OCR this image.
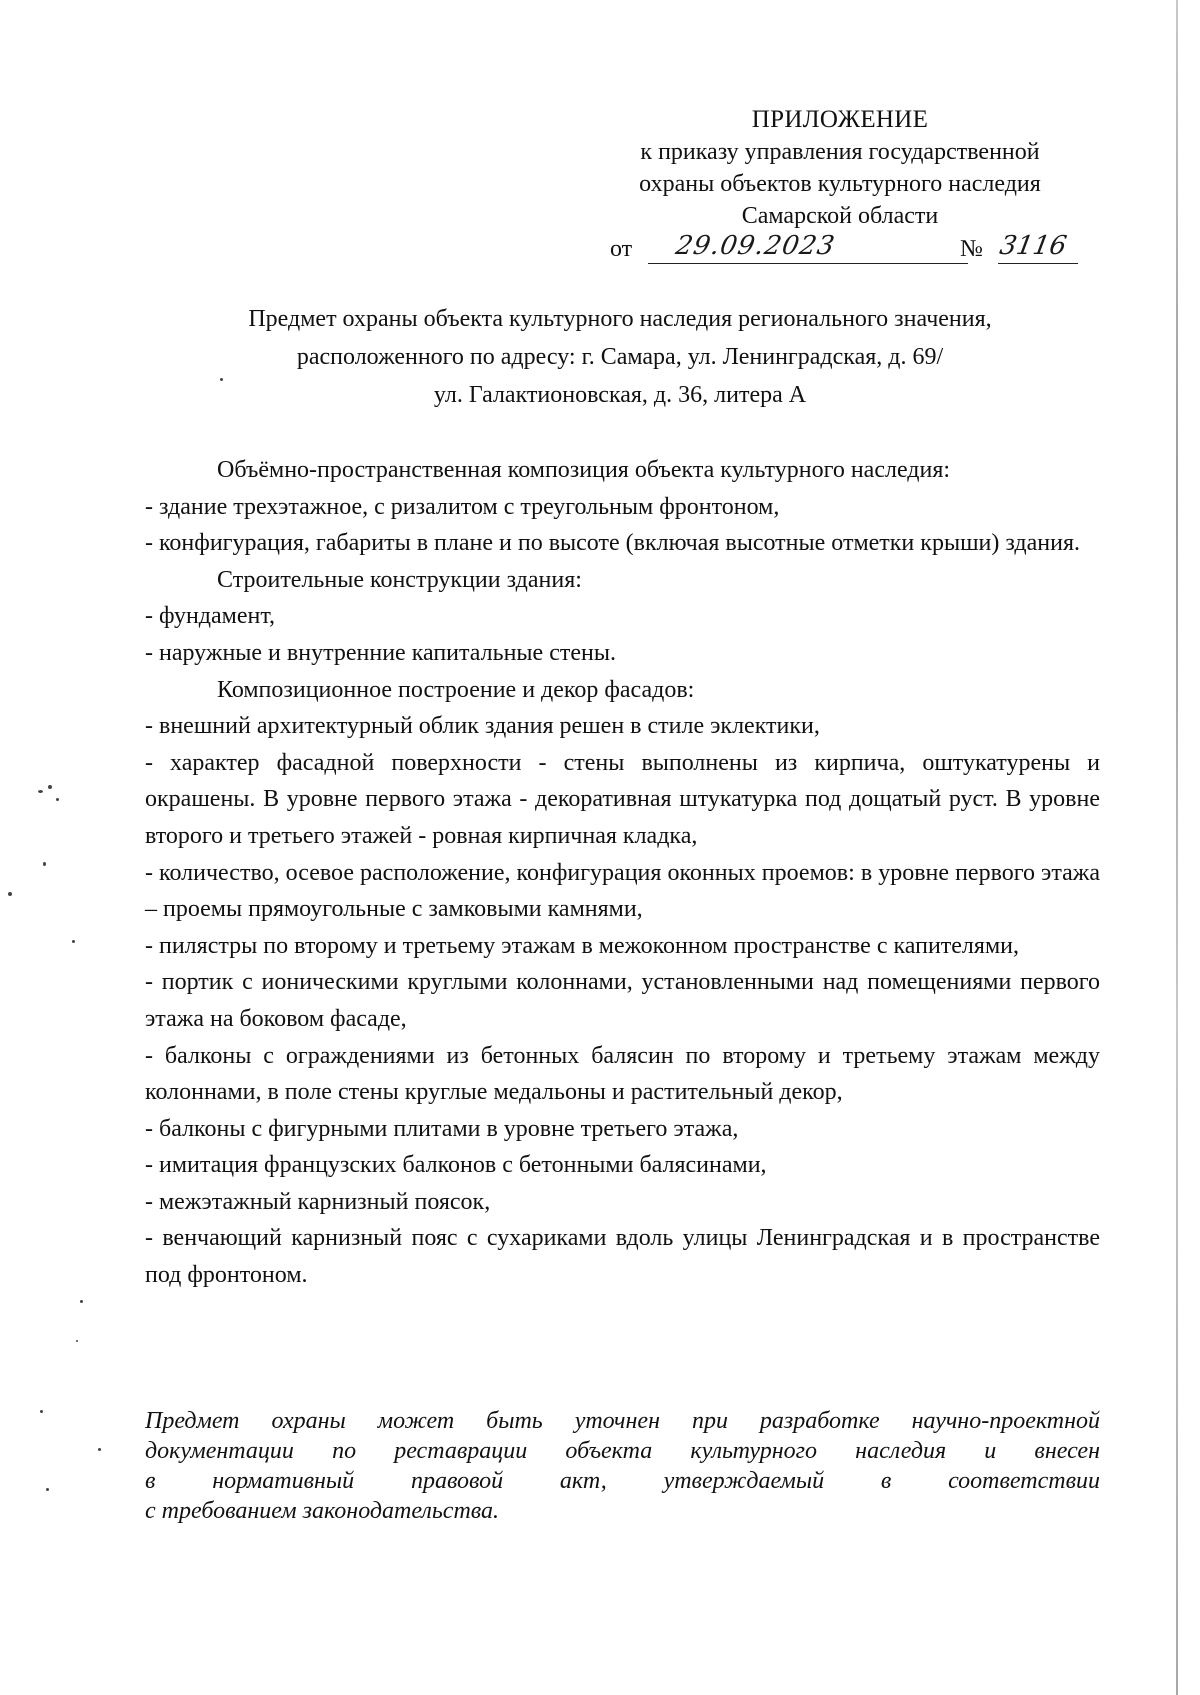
ПРИЛОЖЕНИЕ
к приказу управления государственной
охраны объектов культурного наследия
Самарской области
от 29.09.2023	№ 3116
Предмет охраны объекта культурного наследия регионального значения,
расположенного по адресу: г. Самара, ул. Ленинградская, д. 69/
ул. Галактионовская, д. 36, литера А

Объёмно-пространственная композиция объекта культурного наследия:

- здание трехэтажное, с ризалитом с треугольным фронтоном,

- конфигурация, габариты в плане и по высоте (включая высотные отметки крыши) здания.

Строительные конструкции здания:

- фундамент,

- наружные и внутренние капитальные стены.

Композиционное построение и декор фасадов:

- внешний архитектурный облик здания решен в стиле эклектики,

- характер фасадной поверхности - стены выполнены из кирпича, оштукатурены и окрашены. В уровне первого этажа - декоративная штукатурка под дощатый руст. В уровне второго и третьего этажей - ровная кирпичная кладка,

- количество, осевое расположение, конфигурация оконных проемов: в уровне первого этажа – проемы прямоугольные с замковыми камнями,

- пилястры по второму и третьему этажам в межоконном пространстве с капителями,

- портик с ионическими круглыми колоннами, установленными над помещениями первого этажа на боковом фасаде,

- балконы с ограждениями из бетонных балясин по второму и третьему этажам между колоннами, в поле стены круглые медальоны и растительный декор,

- балконы с фигурными плитами в уровне третьего этажа,

- имитация французских балконов с бетонными балясинами,

- межэтажный карнизный поясок,

- венчающий карнизный пояс с сухариками вдоль улицы Ленинградская и в пространстве под фронтоном.

Предмет охраны может быть уточнен при разработке научно-проектной
документации по реставрации объекта культурного наследия и внесен
в нормативный правовой акт, утверждаемый в соответствии
с требованием законодательства.
